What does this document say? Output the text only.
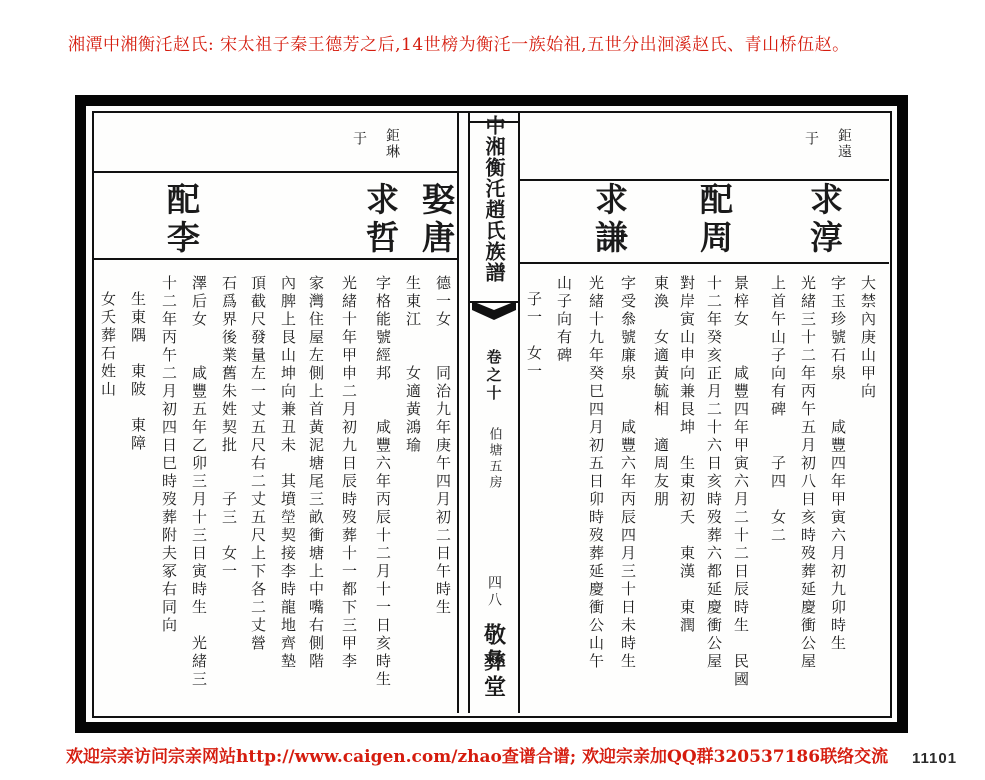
湘潭中湘衡汑赵氏: 宋太祖子秦王德芳之后,14世榜为衡汑一族始祖,五世分出洄溪赵氏、青山桥伍赵。
中湘衡汑趙氏族譜
卷之十
伯塘五房
四八
敬彝堂
鉅遠
于
求淳
配周
求謙
大禁內庚山甲向
字玉珍號石泉　　咸豐四年甲寅六月初九卯時生
光緒三十二年丙午五月初八日亥時歿葬延慶衝公屋
上首午山子向有碑　　子四　女二
景梓女　　咸豐四年甲寅六月二十二日辰時生　民國
十二年癸亥正月二十六日亥時歿葬六都延慶衝公屋
對岸寅山申向兼艮坤　生東初夭　東漢　東潤
東渙　女適黃毓相　適周友朋
字受叅號廉泉　　咸豐六年丙辰四月三十日未時生
光緒十九年癸巳四月初五日卯時歿葬延慶衝公山午
山子向有碑
子一　女一
鉅琳
于
娶唐
求哲
配李
德一女　　同治九年庚午四月初二日午時生
生東江　　女適黃鴻瑜
字格能號經邦　　咸豐六年丙辰十二月十一日亥時生
光緒十年甲申二月初九日辰時歿葬十一都下三甲李
家灣住屋左側上首黃泥塘尾三畝衝塘上中嘴右側階
內脾上艮山坤向兼丑未　其墳塋契接李時龍地齊墊
頂截尺發量左一丈五尺右二丈五尺上下各二丈營
石爲界後業舊朱姓契批　　子三　女一
澤后女　　咸豐五年乙卯三月十三日寅時生　光緒三
十二年丙午二月初四日巳時歿葬附夫冢右同向
生東隅　東陂　東障
女夭葬石姓山
欢迎宗亲访问宗亲网站http://www.caigen.com/zhao查谱合谱; 欢迎宗亲加QQ群320537186联络交流 11101
